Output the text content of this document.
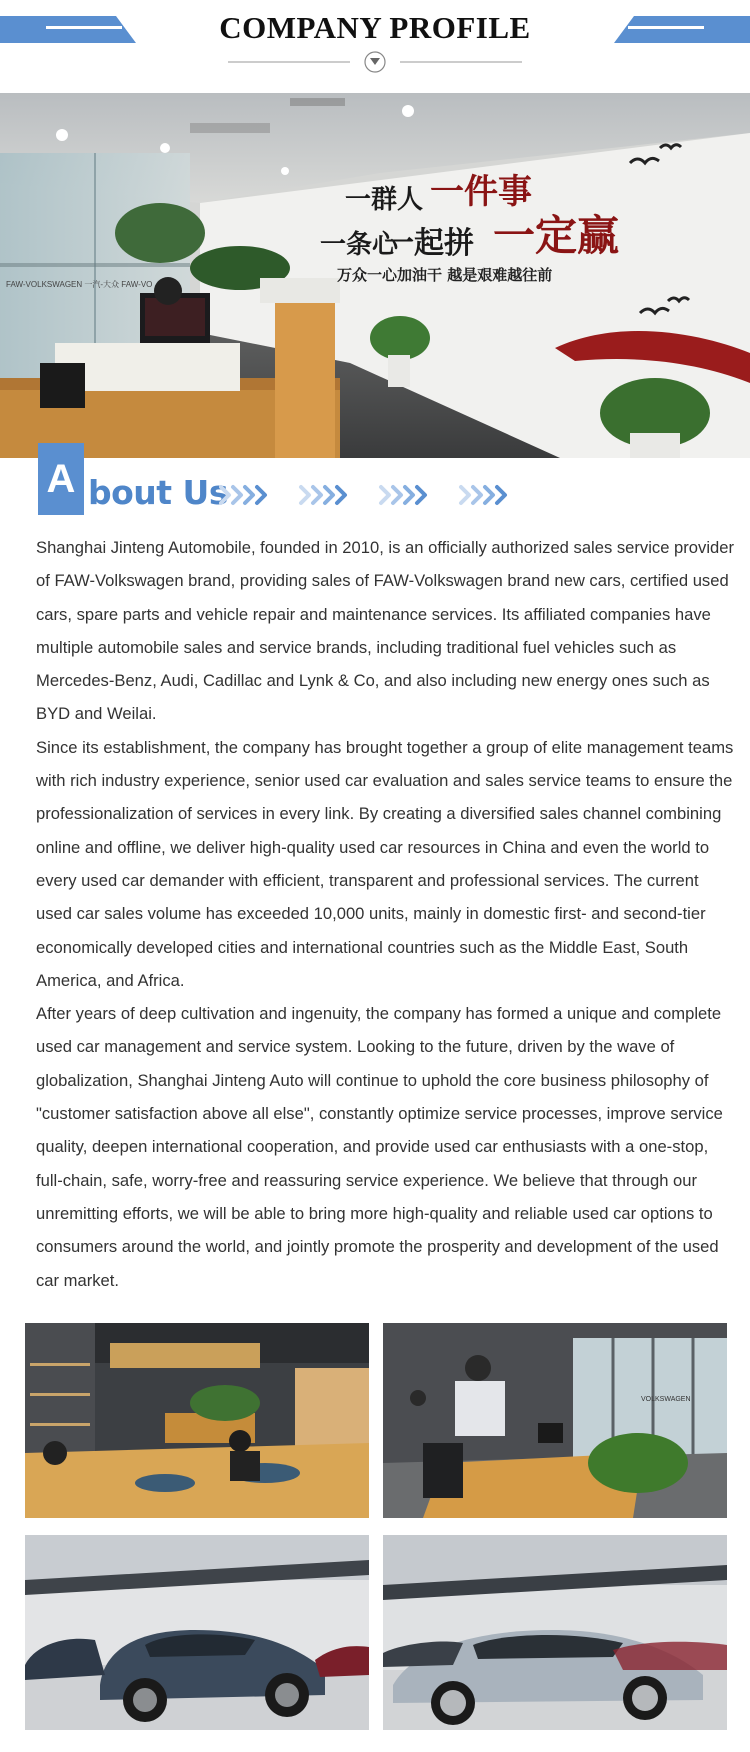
COMPANY PROFILE
FAW-VOLKSWAGEN 一汽-大众 FAW-VO
一群人 一件事
一条心
一起拼 一定赢
万众一心加油干 越是艰难越往前
A bout Us

Shanghai Jinteng Automobile, founded in 2010, is an officially authorized sales service provider of FAW-Volkswagen brand, providing sales of FAW-Volkswagen brand new cars, certified used cars, spare parts and vehicle repair and maintenance services. Its affiliated companies have multiple automobile sales and service brands, including traditional fuel vehicles such as Mercedes-Benz, Audi, Cadillac and Lynk & Co, and also including new energy ones such as BYD and Weilai.

Since its establishment, the company has brought together a group of elite management teams with rich industry experience, senior used car evaluation and sales service teams to ensure the professionalization of services in every link. By creating a diversified sales channel combining online and offline, we deliver high-quality used car resources in China and even the world to every used car demander with efficient, transparent and professional services. The current used car sales volume has exceeded 10,000 units, mainly in domestic first- and second-tier economically developed cities and international countries such as the Middle East, South America, and Africa.

After years of deep cultivation and ingenuity, the company has formed a unique and complete used car management and service system. Looking to the future, driven by the wave of globalization, Shanghai Jinteng Auto will continue to uphold the core business philosophy of "customer satisfaction above all else", constantly optimize service processes, improve service quality, deepen international cooperation, and provide used car enthusiasts with a one-stop, full-chain, safe, worry-free and reassuring service experience. We believe that through our unremitting efforts, we will be able to bring more high-quality and reliable used car options to consumers around the world, and jointly promote the prosperity and development of the used car market.

VOLKSWAGEN
